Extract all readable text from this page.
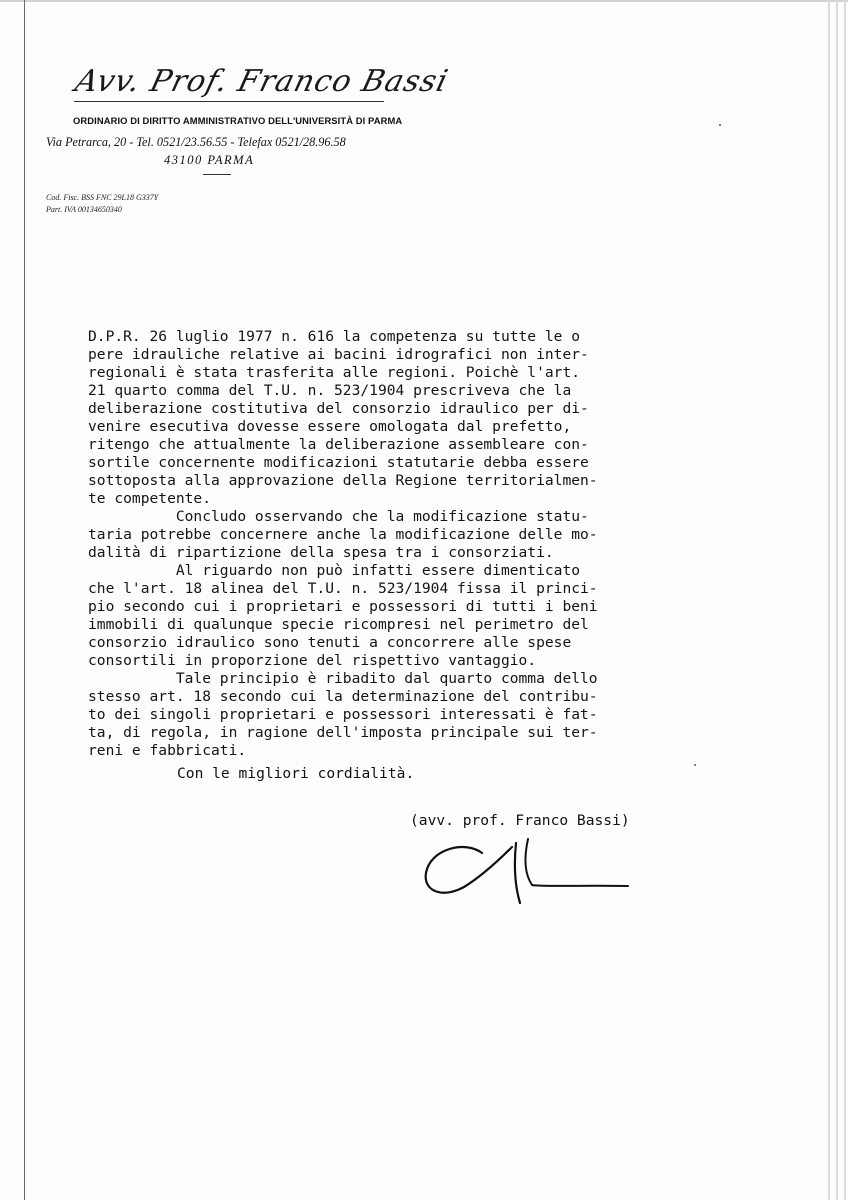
Avv. Prof. Franco Bassi
ORDINARIO DI DIRITTO AMMINISTRATIVO DELL'UNIVERSITÀ DI PARMA
Via Petrarca, 20 - Tel. 0521/23.56.55 - Telefax 0521/28.96.58
43100 PARMA
Cod. Fisc. BSS FNC 29L18 G337Y
Part. IVA 00134650340
D.P.R. 26 luglio 1977 n. 616 la competenza su tutte le o
pere idrauliche relative ai bacini idrografici non inter-
regionali è stata trasferita alle regioni. Poichè l'art.
21 quarto comma del T.U. n. 523/1904 prescriveva che la
deliberazione costitutiva del consorzio idraulico per di-
venire esecutiva dovesse essere omologata dal prefetto,
ritengo che attualmente la deliberazione assembleare con-
sortile concernente modificazioni statutarie debba essere
sottoposta alla approvazione della Regione territorialmen-
te competente.
Concludo osservando che la modificazione statu-
taria potrebbe concernere anche la modificazione delle mo-
dalità di ripartizione della spesa tra i consorziati.
Al riguardo non può infatti essere dimenticato
che l'art. 18 alinea del T.U. n. 523/1904 fissa il princi-
pio secondo cui i proprietari e possessori di tutti i beni
immobili di qualunque specie ricompresi nel perimetro del
consorzio idraulico sono tenuti a concorrere alle spese
consortili in proporzione del rispettivo vantaggio.
Tale principio è ribadito dal quarto comma dello
stesso art. 18 secondo cui la determinazione del contribu-
to dei singoli proprietari e possessori interessati è fat-
ta, di regola, in ragione dell'imposta principale sui ter-
reni e fabbricati.
Con le migliori cordialità.
(avv. prof. Franco Bassi)
